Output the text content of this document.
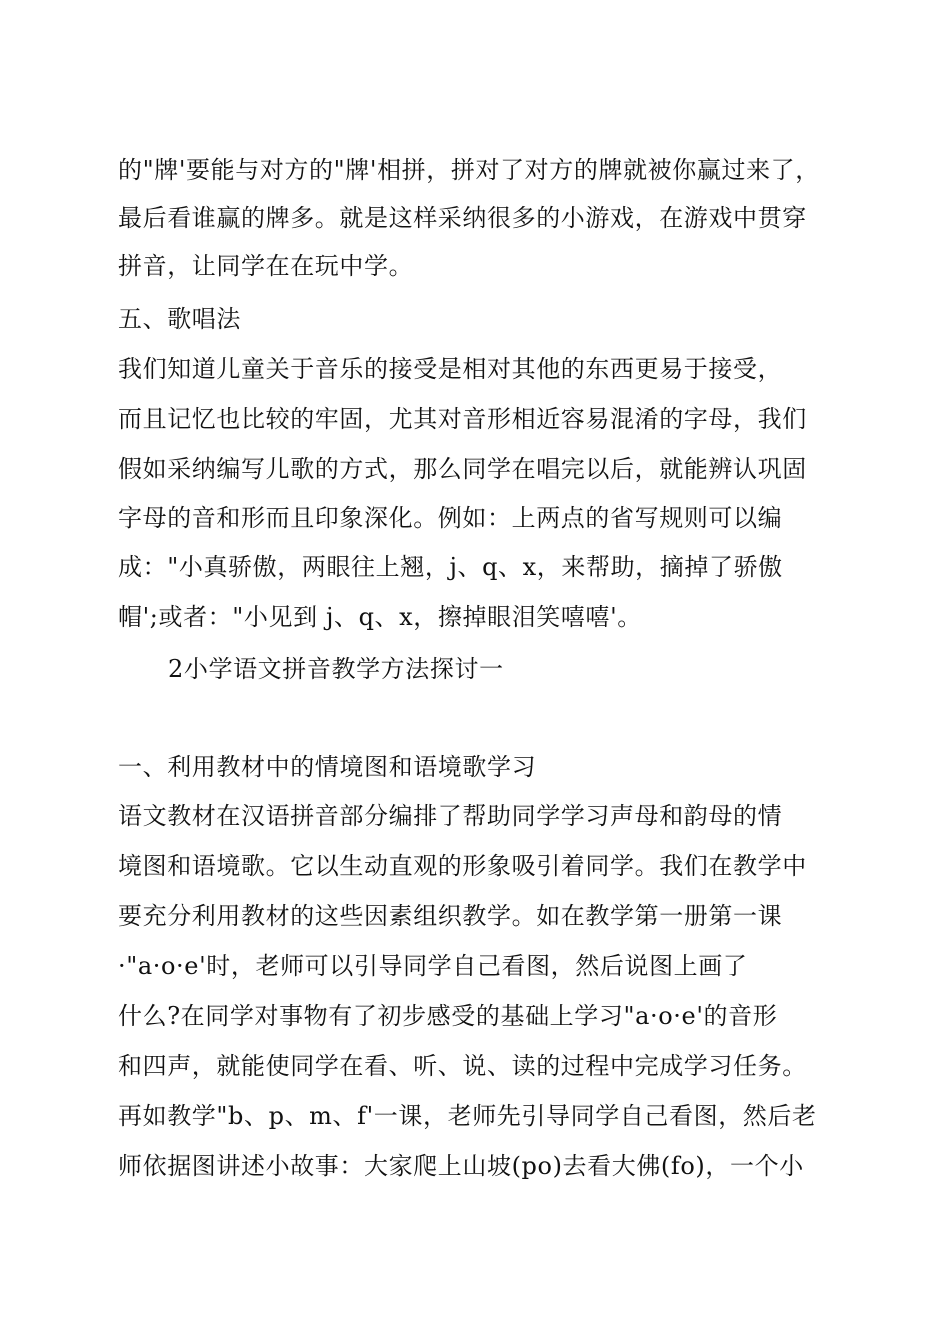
的"牌'要能与对方的"牌'相拼，拼对了对方的牌就被你赢过来了，
最后看谁赢的牌多。就是这样采纳很多的小游戏，在游戏中贯穿
拼音，让同学在在玩中学。
五、歌唱法
我们知道儿童关于音乐的接受是相对其他的东西更易于接受，
而且记忆也比较的牢固，尤其对音形相近容易混淆的字母，我们
假如采纳编写儿歌的方式，那么同学在唱完以后，就能辨认巩固
字母的音和形而且印象深化。例如：上两点的省写规则可以编
成："小真骄傲，两眼往上翘，j、q、x，来帮助，摘掉了骄傲
帽';或者："小见到 j、q、x，擦掉眼泪笑嘻嘻'。
2小学语文拼音教学方法探讨一
一、利用教材中的情境图和语境歌学习
语文教材在汉语拼音部分编排了帮助同学学习声母和韵母的情
境图和语境歌。它以生动直观的形象吸引着同学。我们在教学中
要充分利用教材的这些因素组织教学。如在教学第一册第一课
·"a·o·e'时，老师可以引导同学自己看图，然后说图上画了
什么?在同学对事物有了初步感受的基础上学习"a·o·e'的音形
和四声，就能使同学在看、听、说、读的过程中完成学习任务。
再如教学"b、p、m、f'一课，老师先引导同学自己看图，然后老
师依据图讲述小故事：大家爬上山坡(po)去看大佛(fo)，一个小
